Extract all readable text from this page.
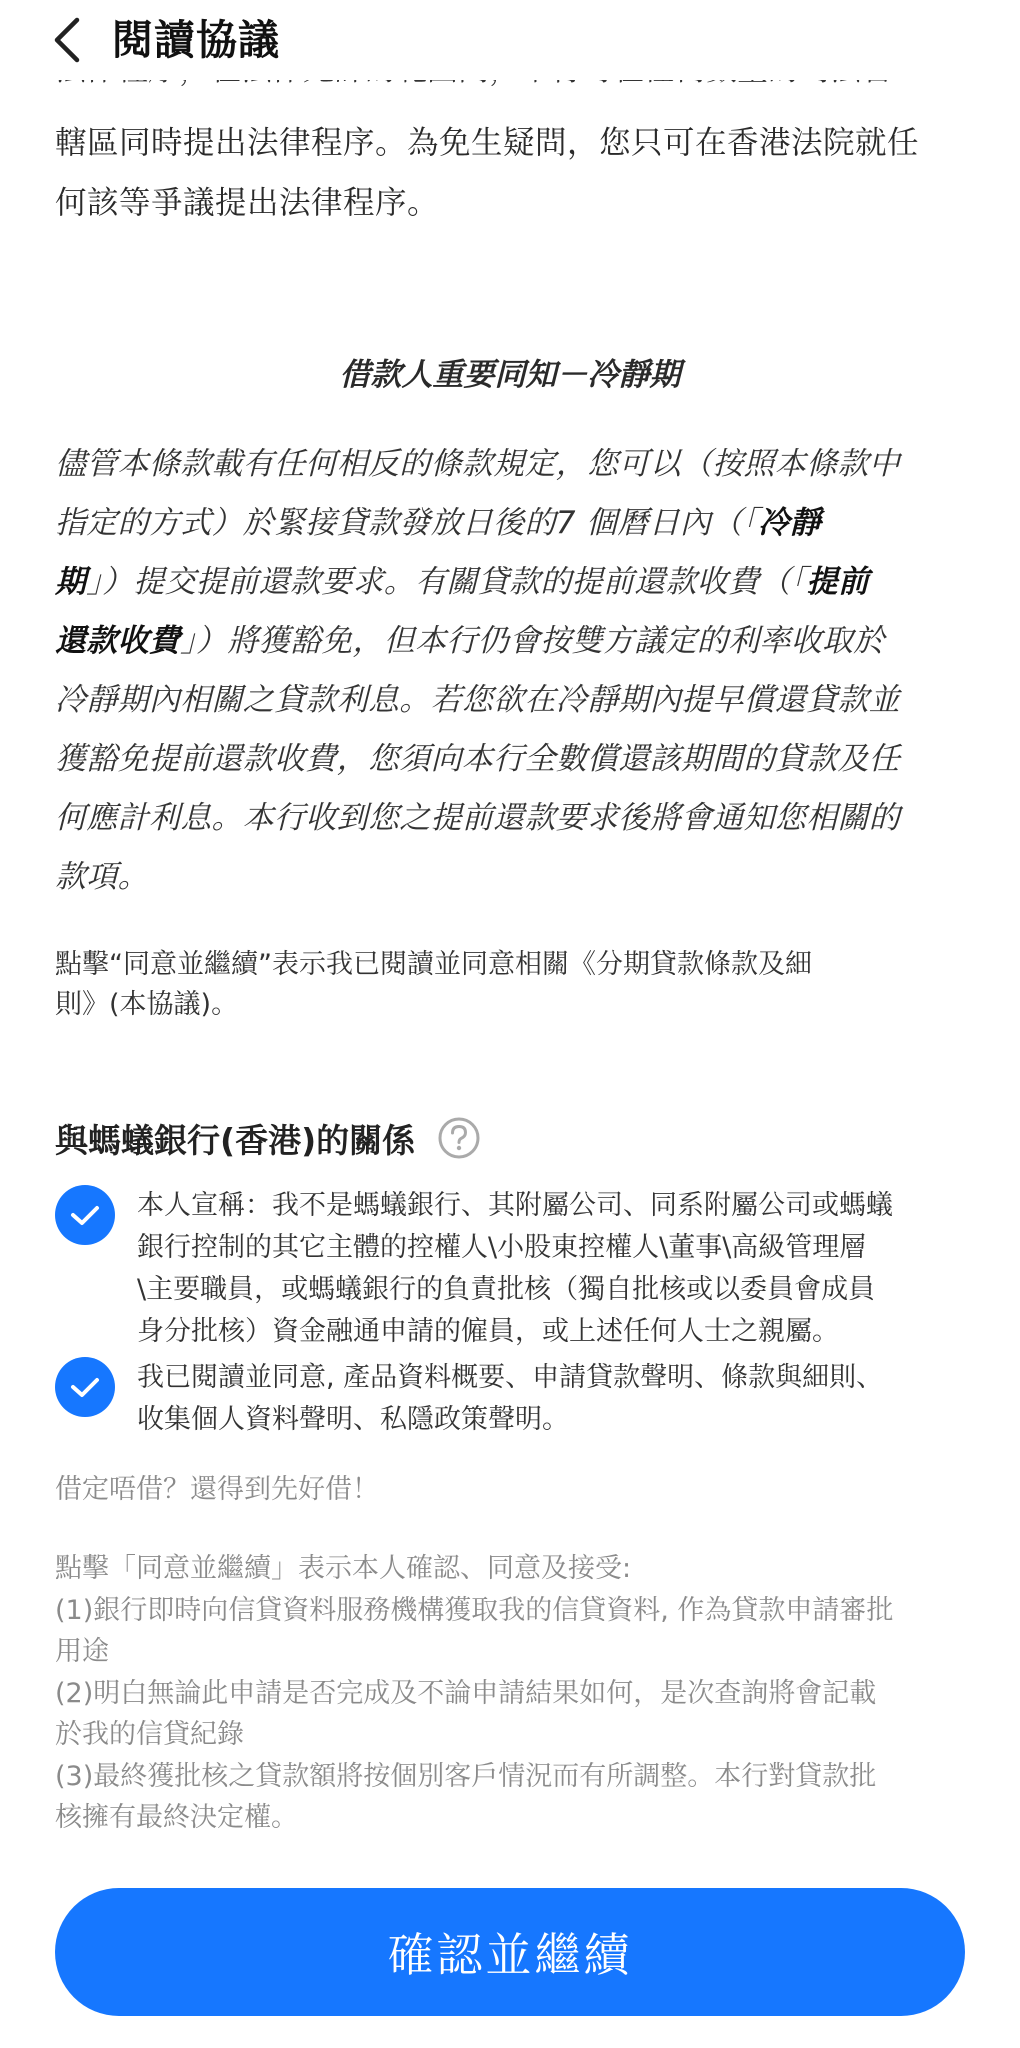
閱讀協議
轄區同時提出法律程序。為免生疑問，您只可在香港法院就任
何該等爭議提出法律程序。
借款人重要同知－冷靜期
儘管本條款載有任何相反的條款規定，您可以（按照本條款中
指定的方式）於緊接貸款發放日後的7 個曆日內（「冷靜
期」）提交提前還款要求。有關貸款的提前還款收費（「提前
還款收費」）將獲豁免，但本行仍會按雙方議定的利率收取於
冷靜期內相關之貸款利息。若您欲在冷靜期內提早償還貸款並
獲豁免提前還款收費，您須向本行全數償還該期間的貸款及任
何應計利息。本行收到您之提前還款要求後將會通知您相關的
款項。
點擊“同意並繼續”表示我已閱讀並同意相關《分期貸款條款及細
則》(本協議)。
與螞蟻銀行(香港)的關係
本人宣稱：我不是螞蟻銀行、其附屬公司、同系附屬公司或螞蟻
銀行控制的其它主體的控權人\小股東控權人\董事\高級管理層
\主要職員，或螞蟻銀行的負責批核（獨自批核或以委員會成員
身分批核）資金融通申請的僱員，或上述任何人士之親屬。
我已閱讀並同意, 產品資料概要、申請貸款聲明、條款與細則、
收集個人資料聲明、私隱政策聲明。
借定唔借？還得到先好借！
點擊「同意並繼續」表示本人確認、同意及接受:
(1)銀行即時向信貸資料服務機構獲取我的信貸資料, 作為貸款申請審批
用途
(2)明白無論此申請是否完成及不論申請結果如何，是次查詢將會記載
於我的信貸紀錄
(3)最終獲批核之貸款額將按個別客戶情況而有所調整。本行對貸款批
核擁有最終決定權。
確認並繼續
